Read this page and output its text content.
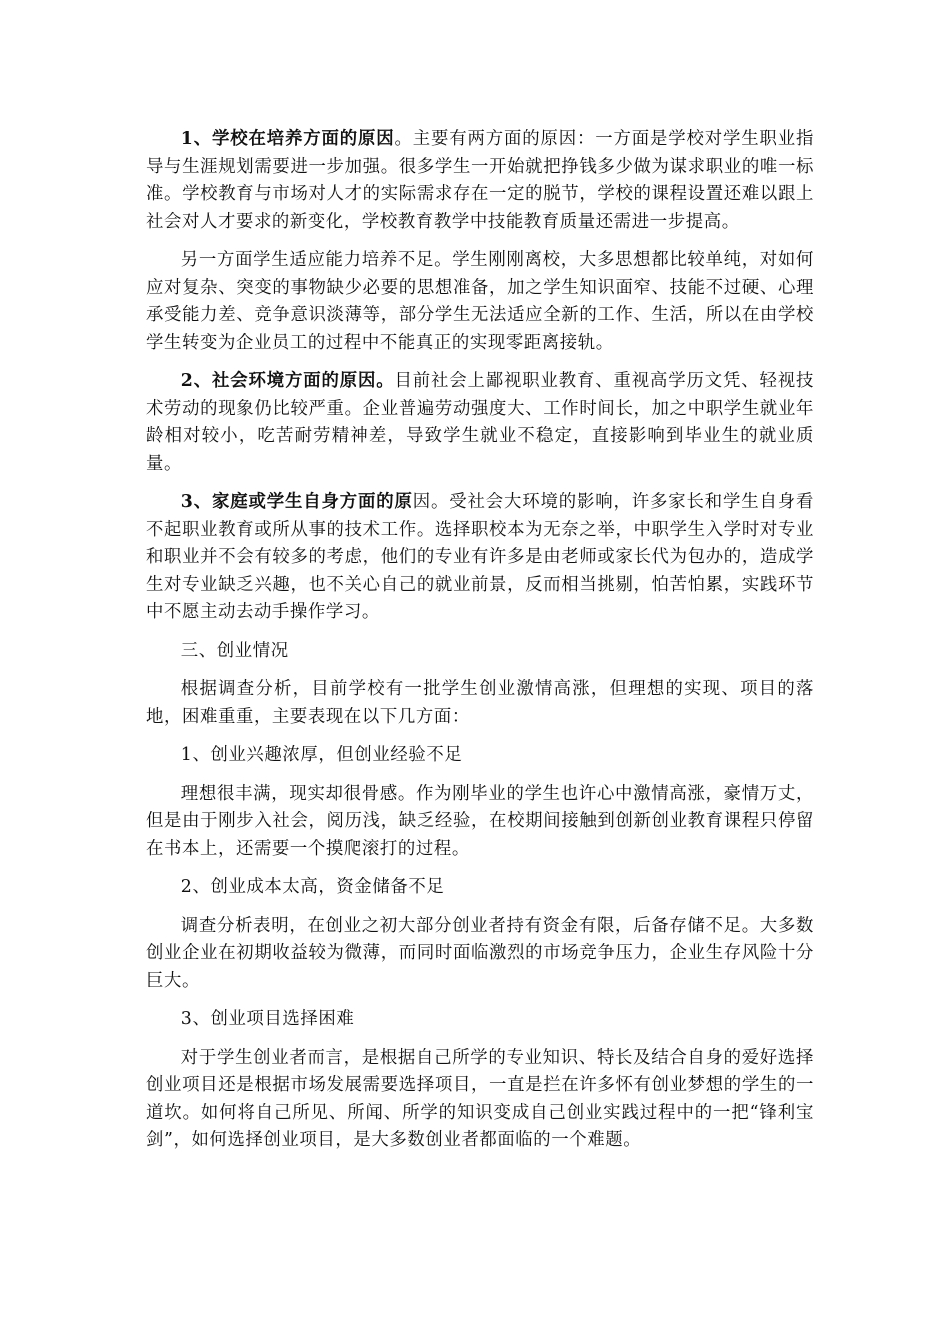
1、学校在培养方面的原因。主要有两方面的原因：一方面是学校对学生职业指导与生涯规划需要进一步加强。很多学生一开始就把挣钱多少做为谋求职业的唯一标准。学校教育与市场对人才的实际需求存在一定的脱节，学校的课程设置还难以跟上社会对人才要求的新变化，学校教育教学中技能教育质量还需进一步提高。

另一方面学生适应能力培养不足。学生刚刚离校，大多思想都比较单纯，对如何应对复杂、突变的事物缺少必要的思想准备，加之学生知识面窄、技能不过硬、心理承受能力差、竞争意识淡薄等，部分学生无法适应全新的工作、生活，所以在由学校学生转变为企业员工的过程中不能真正的实现零距离接轨。

2、社会环境方面的原因。目前社会上鄙视职业教育、重视高学历文凭、轻视技术劳动的现象仍比较严重。企业普遍劳动强度大、工作时间长，加之中职学生就业年龄相对较小，吃苦耐劳精神差，导致学生就业不稳定，直接影响到毕业生的就业质量。

3、家庭或学生自身方面的原因。受社会大环境的影响，许多家长和学生自身看不起职业教育或所从事的技术工作。选择职校本为无奈之举，中职学生入学时对专业和职业并不会有较多的考虑，他们的专业有许多是由老师或家长代为包办的，造成学生对专业缺乏兴趣，也不关心自己的就业前景，反而相当挑剔，怕苦怕累，实践环节中不愿主动去动手操作学习。

三、创业情况

根据调查分析，目前学校有一批学生创业激情高涨，但理想的实现、项目的落地，困难重重，主要表现在以下几方面：

1、创业兴趣浓厚，但创业经验不足

理想很丰满，现实却很骨感。作为刚毕业的学生也许心中激情高涨，豪情万丈，但是由于刚步入社会，阅历浅，缺乏经验，在校期间接触到创新创业教育课程只停留在书本上，还需要一个摸爬滚打的过程。

2、创业成本太高，资金储备不足

调查分析表明，在创业之初大部分创业者持有资金有限，后备存储不足。大多数创业企业在初期收益较为微薄，而同时面临激烈的市场竞争压力，企业生存风险十分巨大。

3、创业项目选择困难

对于学生创业者而言，是根据自己所学的专业知识、特长及结合自身的爱好选择创业项目还是根据市场发展需要选择项目，一直是拦在许多怀有创业梦想的学生的一道坎。如何将自己所见、所闻、所学的知识变成自己创业实践过程中的一把“锋利宝剑”，如何选择创业项目，是大多数创业者都面临的一个难题。
